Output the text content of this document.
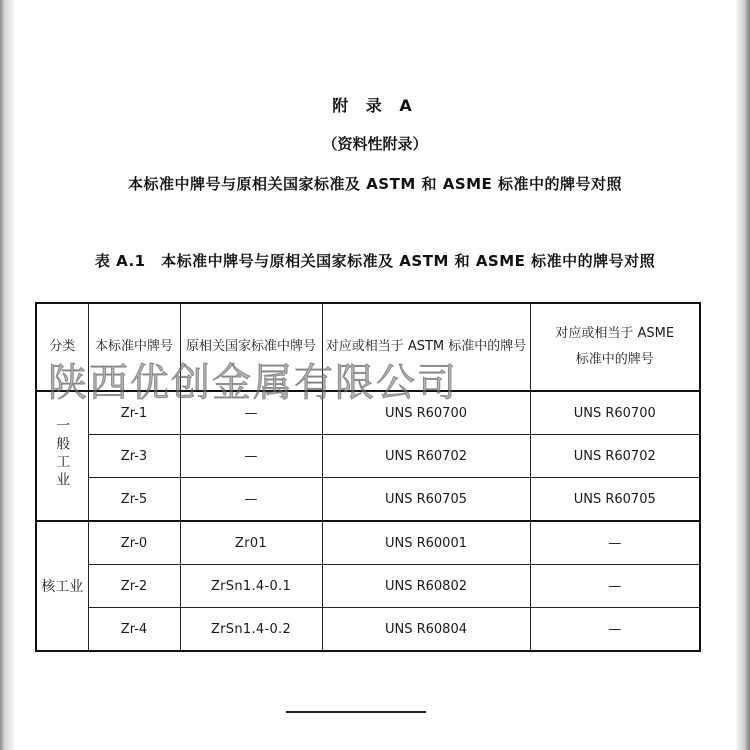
附 录 A
（资料性附录）
本标准中牌号与原相关国家标准及 ASTM 和 ASME 标准中的牌号对照
表 A.1　本标准中牌号与原相关国家标准及 ASTM 和 ASME 标准中的牌号对照
分类	本标准中牌号	原相关国家标准中牌号	对应或相当于 ASTM 标准中的牌号	对应或相当于 ASME
标准中的牌号
一般工业	Zr-1	—	UNS R60700	UNS R60700
	Zr-3	—	UNS R60702	UNS R60702
	Zr-5	—	UNS R60705	UNS R60705
核工业	Zr-0	Zr01	UNS R60001	—
	Zr-2	ZrSn1.4-0.1	UNS R60802	—
	Zr-4	ZrSn1.4-0.2	UNS R60804	—
陕西优创金属有限公司
